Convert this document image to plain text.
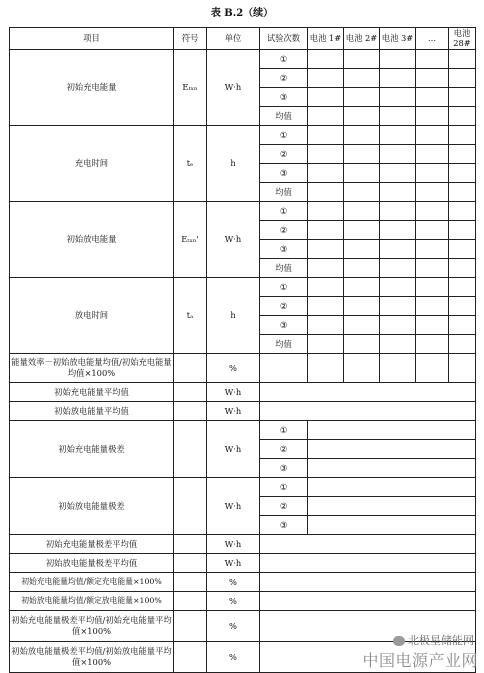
表 B.2（续）
项目	符号	单位	试验次数	电池 1#	电池 2#	电池 3#	…	电池 28#
初始充电能量	Eₜₓₙ	W·h	①					
			②					
			③					
			均值					
充电时间	tₑ	h	①					
			②					
			③					
			均值					
初始放电能量	Eₜₓₙ'	W·h	①					
			②					
			③					
			均值					
放电时间	tₐ	h	①					
			②					
			③					
			均值					
能量效率－初始放电能量均值/初始充电能量均值×100%		%						
初始充电能量平均值		W·h						
初始放电能量平均值		W·h						
初始充电能量极差		W·h	①					
			②					
			③					
初始放电能量极差		W·h	①					
			②					
			③					
初始充电能量极差平均值		W·h						
初始放电能量极差平均值		W·h						
初始充电能量均值/额定充电能量×100%		%						
初始放电能量均值/额定放电能量×100%		%						
初始充电能量极差平均值/初始充电能量平均值×100%		%						
初始放电能量极差平均值/初始放电能量平均值×100%		%						
北极星储能网
中国电源产业网
